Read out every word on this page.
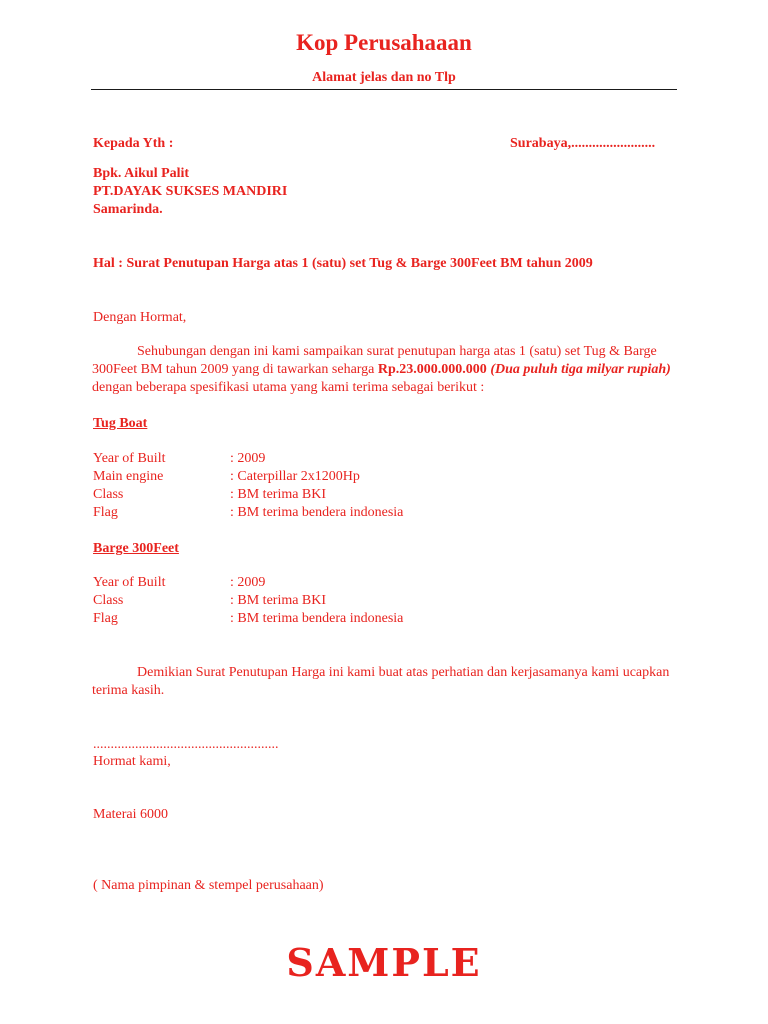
Kop Perusahaaan
Alamat jelas dan no Tlp
Kepada Yth :	Surabaya,........................
Bpk. Aikul Palit
PT.DAYAK SUKSES MANDIRI
Samarinda.
Hal : Surat Penutupan Harga atas 1 (satu) set Tug & Barge 300Feet BM tahun 2009
Dengan Hormat,
Sehubungan dengan ini kami sampaikan surat penutupan harga atas 1 (satu) set Tug & Barge 300Feet BM tahun 2009 yang di tawarkan seharga Rp.23.000.000.000 (Dua puluh tiga milyar rupiah) dengan beberapa spesifikasi utama yang kami terima sebagai berikut :
Tug Boat
Year of Built	: 2009
Main engine	: Caterpillar 2x1200Hp
Class	: BM terima BKI
Flag	: BM terima bendera indonesia
Barge 300Feet
Year of Built	: 2009
Class	: BM terima BKI
Flag	: BM terima bendera indonesia
Demikian Surat Penutupan Harga ini kami buat atas perhatian dan kerjasamanya kami ucapkan terima kasih.
.....................................................
Hormat kami,
Materai 6000
( Nama pimpinan & stempel perusahaan)
SAMPLE
